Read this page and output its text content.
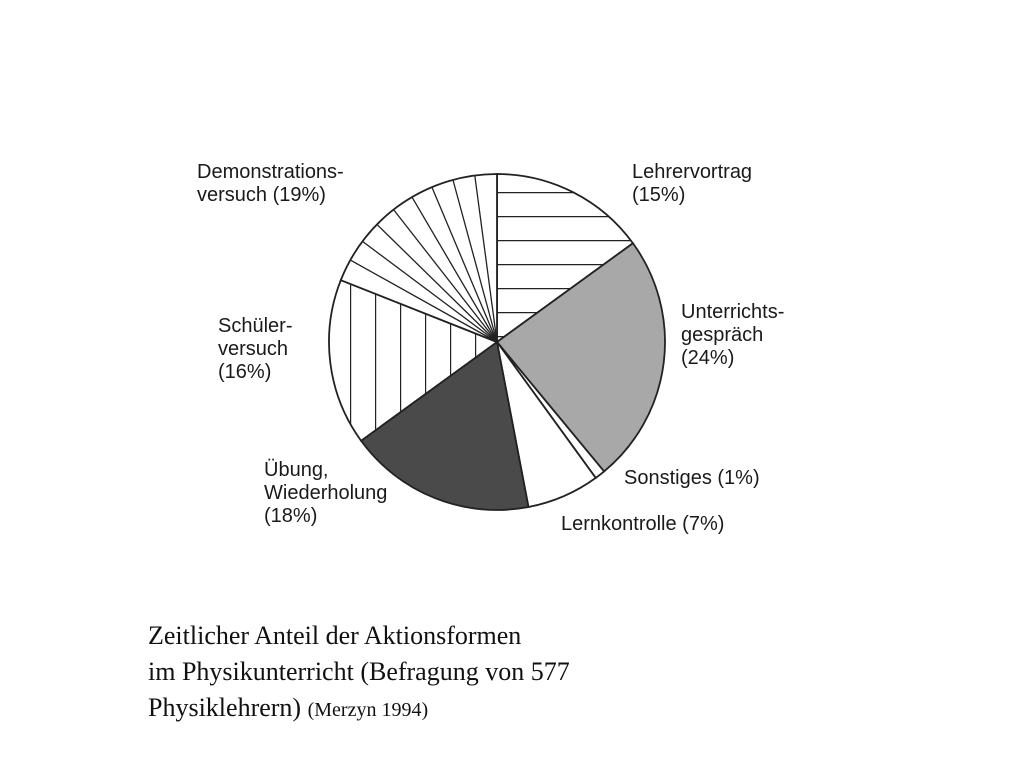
Lehrervortrag (15%)
Unterrichts-gespräch (24%)
Sonstiges (1%)
Lernkontrolle (7%)
Übung, Wiederholung (18%)
Schüler-versuch (16%)
Demonstrations-versuch (19%)
Zeitlicher Anteil der Aktionsformen
im Physikunterricht (Befragung von 577
Physiklehrern) (Merzyn 1994)
